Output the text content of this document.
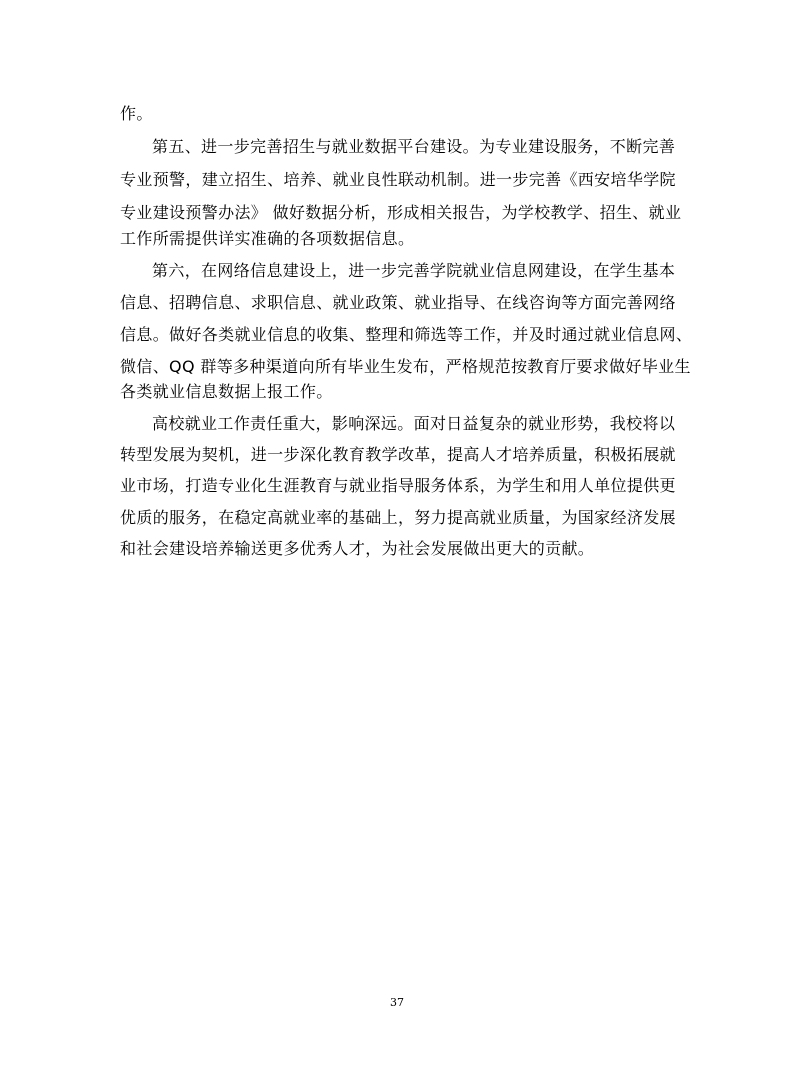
作。
第五、进一步完善招生与就业数据平台建设。为专业建设服务，不断完善
专业预警，建立招生、培养、就业良性联动机制。进一步完善《西安培华学院
专业建设预警办法》 做好数据分析，形成相关报告，为学校教学、招生、就业
工作所需提供详实准确的各项数据信息。
第六，在网络信息建设上，进一步完善学院就业信息网建设，在学生基本
信息、招聘信息、求职信息、就业政策、就业指导、在线咨询等方面完善网络
信息。做好各类就业信息的收集、整理和筛选等工作，并及时通过就业信息网、
微信、QQ 群等多种渠道向所有毕业生发布，严格规范按教育厅要求做好毕业生
各类就业信息数据上报工作。
高校就业工作责任重大，影响深远。面对日益复杂的就业形势，我校将以
转型发展为契机，进一步深化教育教学改革，提高人才培养质量，积极拓展就
业市场，打造专业化生涯教育与就业指导服务体系，为学生和用人单位提供更
优质的服务，在稳定高就业率的基础上，努力提高就业质量，为国家经济发展
和社会建设培养输送更多优秀人才，为社会发展做出更大的贡献。
37
